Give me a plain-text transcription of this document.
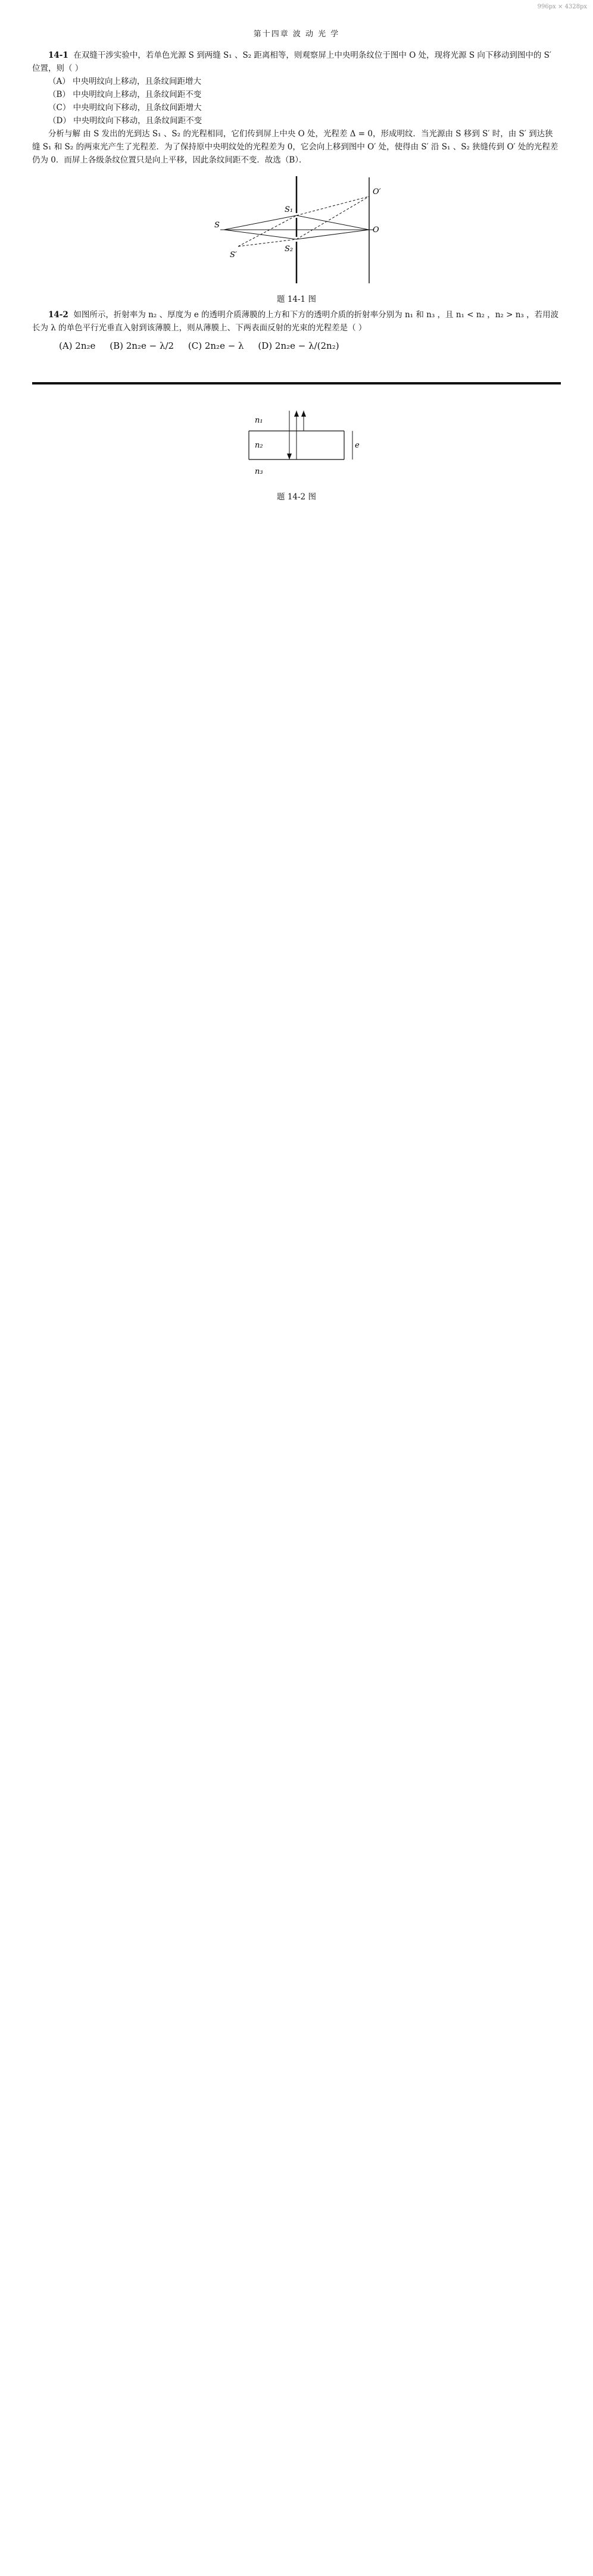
996px × 4328px
第十四章 波 动 光 学

14-1 在双缝干涉实验中，若单色光源 S 到两缝 S₁ 、S₂ 距离相等，则观察屏上中央明条纹位于图中 O 处，现将光源 S 向下移动到图中的 S′ 位置，则（ ）

（A） 中央明纹向上移动，且条纹间距增大

（B） 中央明纹向上移动，且条纹间距不变

（C） 中央明纹向下移动，且条纹间距增大

（D） 中央明纹向下移动，且条纹间距不变

分析与解 由 S 发出的光到达 S₁ 、S₂ 的光程相同，它们传到屏上中央 O 处，光程差 Δ = 0，形成明纹．当光源由 S 移到 S′ 时，由 S′ 到达狭缝 S₁ 和 S₂ 的两束光产生了光程差．为了保持原中央明纹处的光程差为 0，它会向上移到图中 O′ 处，使得由 S′ 沿 S₁ 、S₂ 狭缝传到 O′ 处的光程差仍为 0．而屏上各级条纹位置只是向上平移，因此条纹间距不变．故选（B）．

S₁
S₂
S
S′
O
O′
题 14-1 图

14-2 如图所示，折射率为 n₂ 、厚度为 e 的透明介质薄膜的上方和下方的透明介质的折射率分别为 n₁ 和 n₃ ，且 n₁ < n₂ ，n₂ > n₃ ，若用波长为 λ 的单色平行光垂直入射到该薄膜上，则从薄膜上、下两表面反射的光束的光程差是（ ）

(A) 2n₂e (B) 2n₂e − λ/2 (C) 2n₂e − λ (D) 2n₂e − λ/(2n₂)

n₁
n₂
n₃
e
题 14-2 图
